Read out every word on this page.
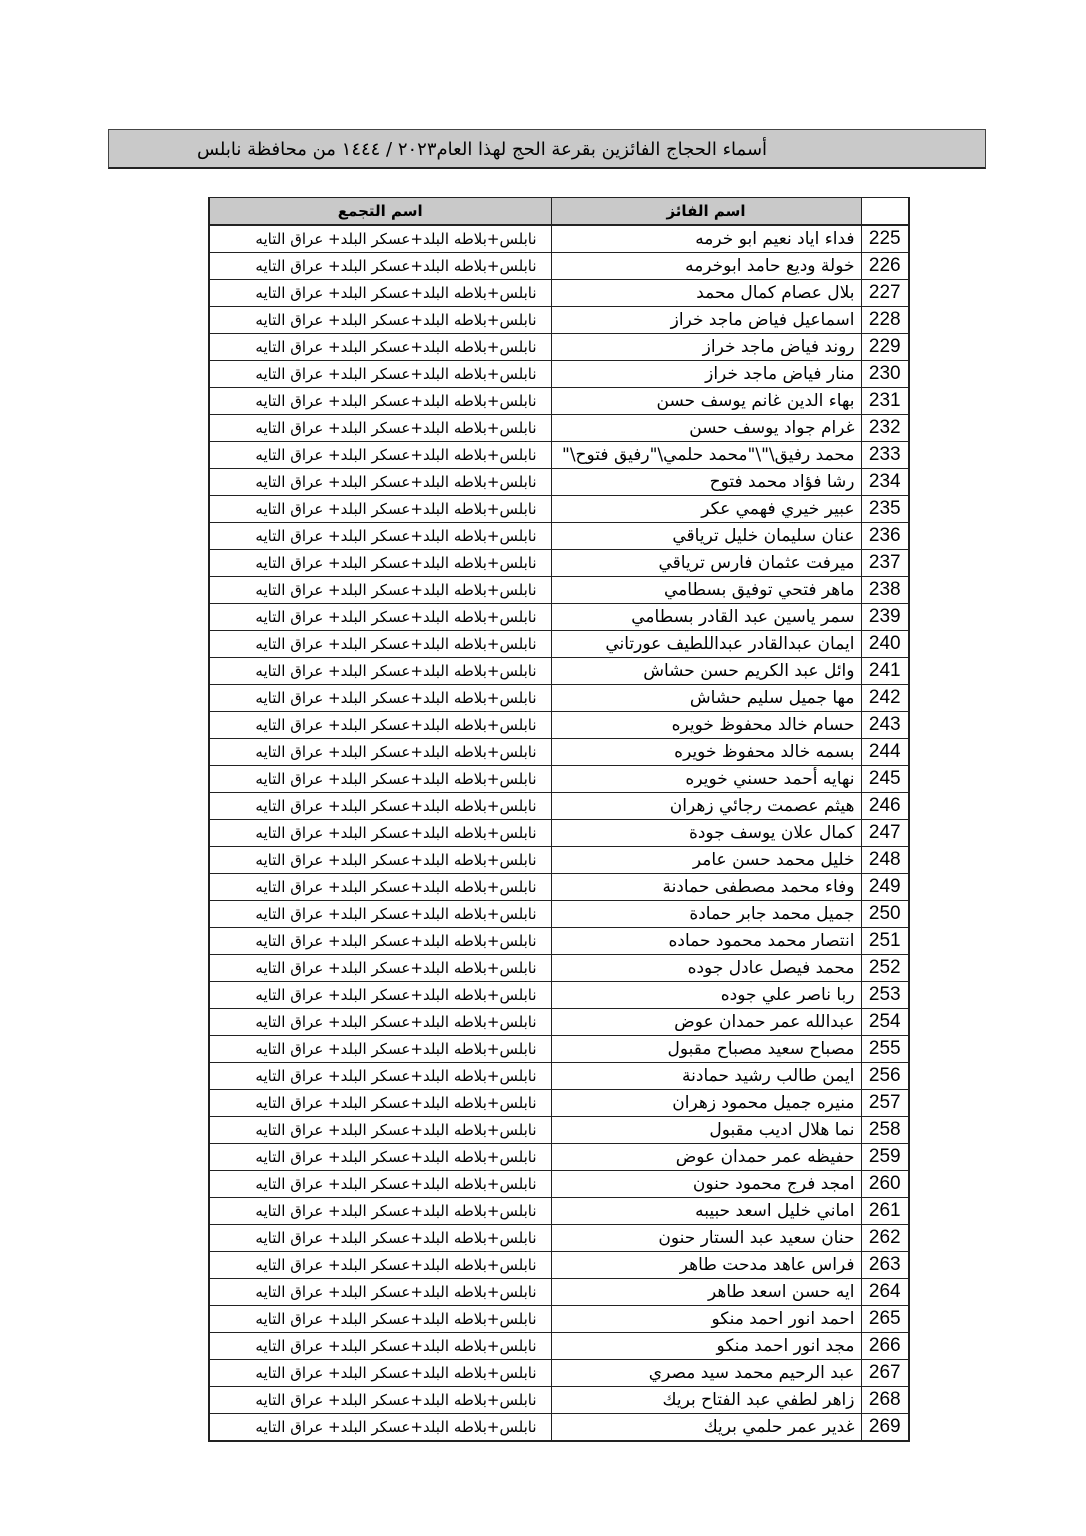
أسماء الحجاج الفائزين بقرعة الحج لهذا العام٢٠٢٣ / ١٤٤٤ من محافظة نابلس
	اسم الفائز	اسم التجمع
225	فداء اياد نعيم ابو خرمه	نابلس+بلاطه البلد+عسكر البلد+ عراق التايه
226	خولة وديع حامد ابوخرمه	نابلس+بلاطه البلد+عسكر البلد+ عراق التايه
227	بلال عصام كمال محمد	نابلس+بلاطه البلد+عسكر البلد+ عراق التايه
228	اسماعيل فياض ماجد خراز	نابلس+بلاطه البلد+عسكر البلد+ عراق التايه
229	روند فياض ماجد خراز	نابلس+بلاطه البلد+عسكر البلد+ عراق التايه
230	منار فياض ماجد خراز	نابلس+بلاطه البلد+عسكر البلد+ عراق التايه
231	بهاء الدين غانم يوسف حسن	نابلس+بلاطه البلد+عسكر البلد+ عراق التايه
232	غرام جواد يوسف حسن	نابلس+بلاطه البلد+عسكر البلد+ عراق التايه
233	محمد رفيق\"\"محمد حلمي\"رفيق فتوح\"	نابلس+بلاطه البلد+عسكر البلد+ عراق التايه
234	رشا فؤاد محمد فتوح	نابلس+بلاطه البلد+عسكر البلد+ عراق التايه
235	عبير خيري فهمي عكر	نابلس+بلاطه البلد+عسكر البلد+ عراق التايه
236	عنان سليمان خليل ترياقي	نابلس+بلاطه البلد+عسكر البلد+ عراق التايه
237	ميرفت عثمان فارس ترياقي	نابلس+بلاطه البلد+عسكر البلد+ عراق التايه
238	ماهر فتحي توفيق بسطامي	نابلس+بلاطه البلد+عسكر البلد+ عراق التايه
239	سمر ياسين عبد القادر بسطامي	نابلس+بلاطه البلد+عسكر البلد+ عراق التايه
240	ايمان عبدالقادر عبداللطيف عورتاني	نابلس+بلاطه البلد+عسكر البلد+ عراق التايه
241	وائل عبد الكريم حسن حشاش	نابلس+بلاطه البلد+عسكر البلد+ عراق التايه
242	مها جميل سليم حشاش	نابلس+بلاطه البلد+عسكر البلد+ عراق التايه
243	حسام خالد محفوظ خويره	نابلس+بلاطه البلد+عسكر البلد+ عراق التايه
244	بسمه خالد محفوظ خويره	نابلس+بلاطه البلد+عسكر البلد+ عراق التايه
245	نهايه أحمد حسني خويره	نابلس+بلاطه البلد+عسكر البلد+ عراق التايه
246	هيثم عصمت رجائي زهران	نابلس+بلاطه البلد+عسكر البلد+ عراق التايه
247	كمال علان يوسف جودة	نابلس+بلاطه البلد+عسكر البلد+ عراق التايه
248	خليل محمد حسن عامر	نابلس+بلاطه البلد+عسكر البلد+ عراق التايه
249	وفاء محمد مصطفى حمادنة	نابلس+بلاطه البلد+عسكر البلد+ عراق التايه
250	جميل محمد جابر حمادة	نابلس+بلاطه البلد+عسكر البلد+ عراق التايه
251	انتصار محمد محمود حماده	نابلس+بلاطه البلد+عسكر البلد+ عراق التايه
252	محمد فيصل عادل جوده	نابلس+بلاطه البلد+عسكر البلد+ عراق التايه
253	ربا ناصر علي جوده	نابلس+بلاطه البلد+عسكر البلد+ عراق التايه
254	عبدالله عمر حمدان عوض	نابلس+بلاطه البلد+عسكر البلد+ عراق التايه
255	مصباح سعيد مصباح مقبول	نابلس+بلاطه البلد+عسكر البلد+ عراق التايه
256	ايمن طالب رشيد حمادنة	نابلس+بلاطه البلد+عسكر البلد+ عراق التايه
257	منيره جميل محمود زهران	نابلس+بلاطه البلد+عسكر البلد+ عراق التايه
258	نما هلال اديب مقبول	نابلس+بلاطه البلد+عسكر البلد+ عراق التايه
259	حفيظه عمر حمدان عوض	نابلس+بلاطه البلد+عسكر البلد+ عراق التايه
260	امجد فرج محمود حنون	نابلس+بلاطه البلد+عسكر البلد+ عراق التايه
261	اماني خليل اسعد حبيبه	نابلس+بلاطه البلد+عسكر البلد+ عراق التايه
262	حنان سعيد عبد الستار حنون	نابلس+بلاطه البلد+عسكر البلد+ عراق التايه
263	فراس عاهد مدحت طاهر	نابلس+بلاطه البلد+عسكر البلد+ عراق التايه
264	ايه حسن اسعد طاهر	نابلس+بلاطه البلد+عسكر البلد+ عراق التايه
265	احمد انور احمد منكو	نابلس+بلاطه البلد+عسكر البلد+ عراق التايه
266	مجد انور احمد منكو	نابلس+بلاطه البلد+عسكر البلد+ عراق التايه
267	عبد الرحيم محمد سيد مصري	نابلس+بلاطه البلد+عسكر البلد+ عراق التايه
268	زاهر لطفي عبد الفتاح بريك	نابلس+بلاطه البلد+عسكر البلد+ عراق التايه
269	غدير عمر حلمي بريك	نابلس+بلاطه البلد+عسكر البلد+ عراق التايه
